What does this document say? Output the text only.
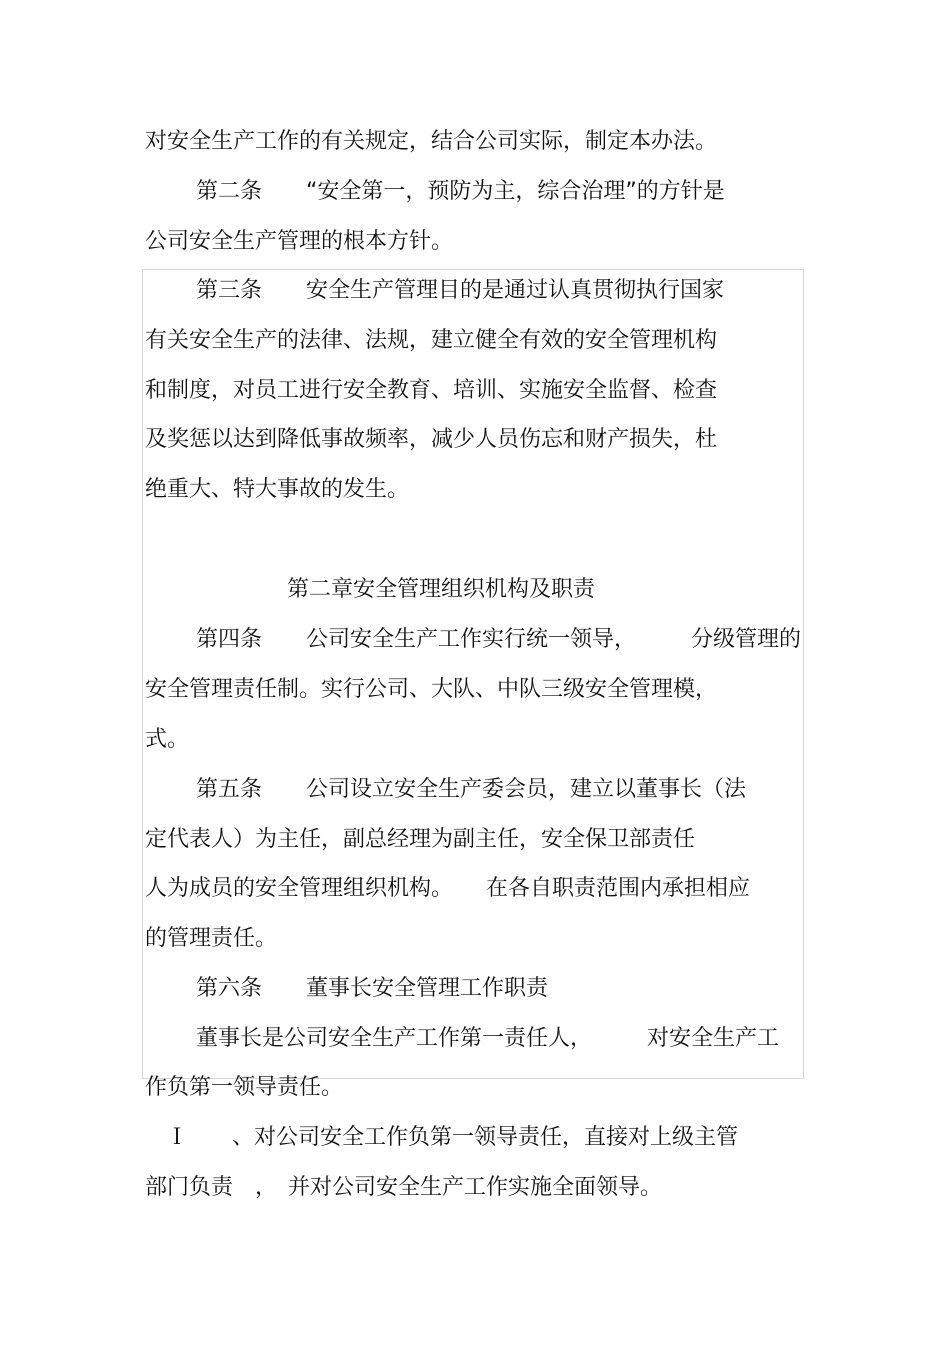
对安全生产工作的有关规定，结合公司实际，制定本办法。

第二条　　“安全第一，预防为主，综合治理”的方针是

公司安全生产管理的根本方针。

第三条　　安全生产管理目的是通过认真贯彻执行国家

有关安全生产的法律、法规，建立健全有效的安全管理机构

和制度，对员工进行安全教育、培训、实施安全监督、检查

及奖惩以达到降低事故频率，减少人员伤忘和财产损失，杜

绝重大、特大事故的发生。

第二章安全管理组织机构及职责

第四条　　公司安全生产工作实行统一领导，　　　分级管理的

安全管理责任制。实行公司、大队、中队三级安全管理模，

式。

第五条　　公司设立安全生产委会员，建立以董事长（法

定代表人）为主任，副总经理为副主任，安全保卫部责任

人为成员的安全管理组织机构。　　在各自职责范围内承担相应

的管理责任。

第六条　　董事长安全管理工作职责

董事长是公司安全生产工作第一责任人，　　　对安全生产工

作负第一领导责任。

Ｉ　　、对公司安全工作负第一领导责任，直接对上级主管

部门负责　，　并对公司安全生产工作实施全面领导。
